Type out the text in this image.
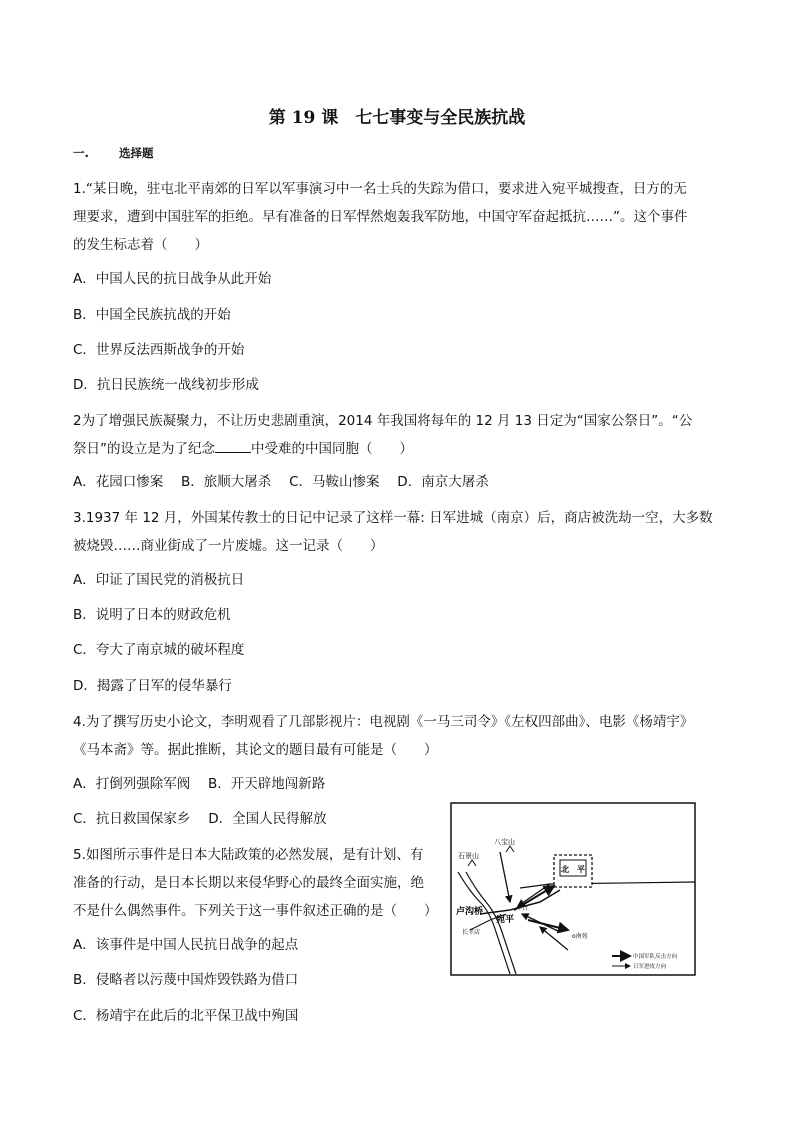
第 19 课　七七事变与全民族抗战
一.	选择题
1.“某日晚，驻屯北平南郊的日军以军事演习中一名士兵的失踪为借口，要求进入宛平城搜查，日方的无
理要求，遭到中国驻军的拒绝。早有准备的日军悍然炮轰我军防地，中国守军奋起抵抗……”。这个事件
的发生标志着（　　）
A．中国人民的抗日战争从此开始
B．中国全民族抗战的开始
C．世界反法西斯战争的开始
D．抗日民族统一战线初步形成
2为了增强民族凝聚力，不让历史悲剧重演，2014 年我国将每年的 12 月 13 日定为“国家公祭日”。“公
祭日”的设立是为了纪念	中受难的中国同胞（　　）
A．花园口惨案　 B．旅顺大屠杀　 C．马鞍山惨案　 D．南京大屠杀
3.1937 年 12 月，外国某传教士的日记中记录了这样一幕: 日军进城（南京）后，商店被洗劫一空，大多数
被烧毁……商业街成了一片废墟。这一记录（　　）
A．印证了国民党的消极抗日
B．说明了日本的财政危机
C．夸大了南京城的破坏程度
D．揭露了日军的侵华暴行
4.为了撰写历史小论文，李明观看了几部影视片：电视剧《一马三司令》《左权四部曲》、电影《杨靖宇》
《马本斋》等。据此推断，其论文的题目最有可能是（　　）
A．打倒列强除军阀　 B．开天辟地闯新路
C．抗日救国保家乡　 D．全国人民得解放
5.如图所示事件是日本大陆政策的必然发展，是有计划、有
准备的行动，是日本长期以来侵华野心的最终全面实施，绝
不是什么偶然事件。下列关于这一事件叙述正确的是（　　）
A．该事件是中国人民抗日战争的起点
B．侵略者以污蔑中国炸毁铁路为借口
C．杨靖宇在此后的北平保卫战中殉国
石景山
八宝山
北　平
卢沟桥
宛平
丰台
长辛店
o南苑
中国军队反击方向
日军进攻方向
